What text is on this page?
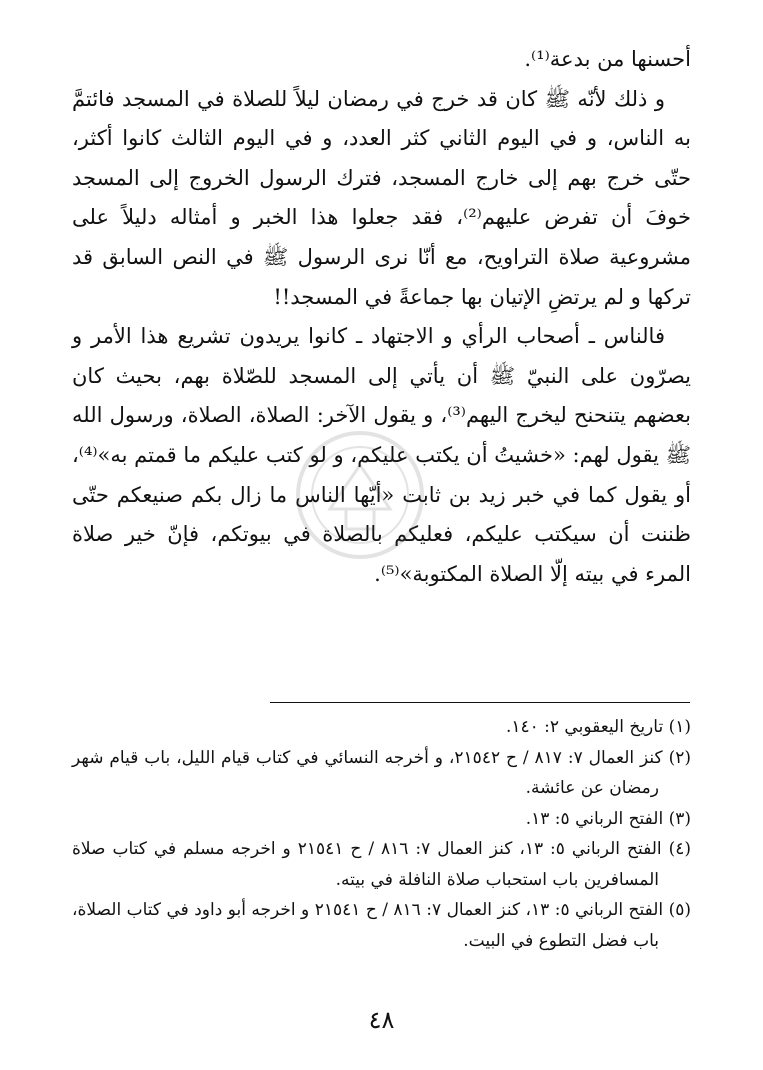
أحسنها من بدعة⁽¹⁾.

و ذلك لأنّه ﷺ كان قد خرج في رمضان ليلاً للصلاة في المسجد فائتمَّ به الناس، و في اليوم الثاني كثر العدد، و في اليوم الثالث كانوا أكثر، حتّى خرج بهم إلى خارج المسجد، فترك الرسول الخروج إلى المسجد خوفَ أن تفرض عليهم⁽²⁾، فقد جعلوا هذا الخبر و أمثاله دليلاً على مشروعية صلاة التراويح، مع أنّا نرى الرسول ﷺ في النص السابق قد تركها و لم يرتضِ الإتيان بها جماعةً في المسجد!!

فالناس ـ أصحاب الرأي و الاجتهاد ـ كانوا يريدون تشريع هذا الأمر و يصرّون على النبيّ ﷺ أن يأتي إلى المسجد للصّلاة بهم، بحيث كان بعضهم يتنحنح ليخرج اليهم⁽³⁾، و يقول الآخر: الصلاة، الصلاة، ورسول الله ﷺ يقول لهم: «خشيتُ أن يكتب عليكم، و لو كتب عليكم ما قمتم به»⁽⁴⁾، أو يقول كما في خبر زيد بن ثابت «أيّها الناس ما زال بكم صنيعكم حتّى ظننت أن سيكتب عليكم، فعليكم بالصلاة في بيوتكم، فإنّ خير صلاة المرء في بيته إلّا الصلاة المكتوبة»⁽⁵⁾.

(١) تاريخ اليعقوبي ٢: ١٤٠.

(٢) كنز العمال ٧: ٨١٧ / ح ٢١٥٤٢، و أخرجه النسائي في كتاب قيام الليل، باب قيام شهر رمضان عن عائشة.

(٣) الفتح الرباني ٥: ١٣.

(٤) الفتح الرباني ٥: ١٣، كنز العمال ٧: ٨١٦ / ح ٢١٥٤١ و اخرجه مسلم في كتاب صلاة المسافرين باب استحباب صلاة النافلة في بيته.

(٥) الفتح الرباني ٥: ١٣، كنز العمال ٧: ٨١٦ / ح ٢١٥٤١ و اخرجه أبو داود في كتاب الصلاة، باب فضل التطوع في البيت.

٤٨
